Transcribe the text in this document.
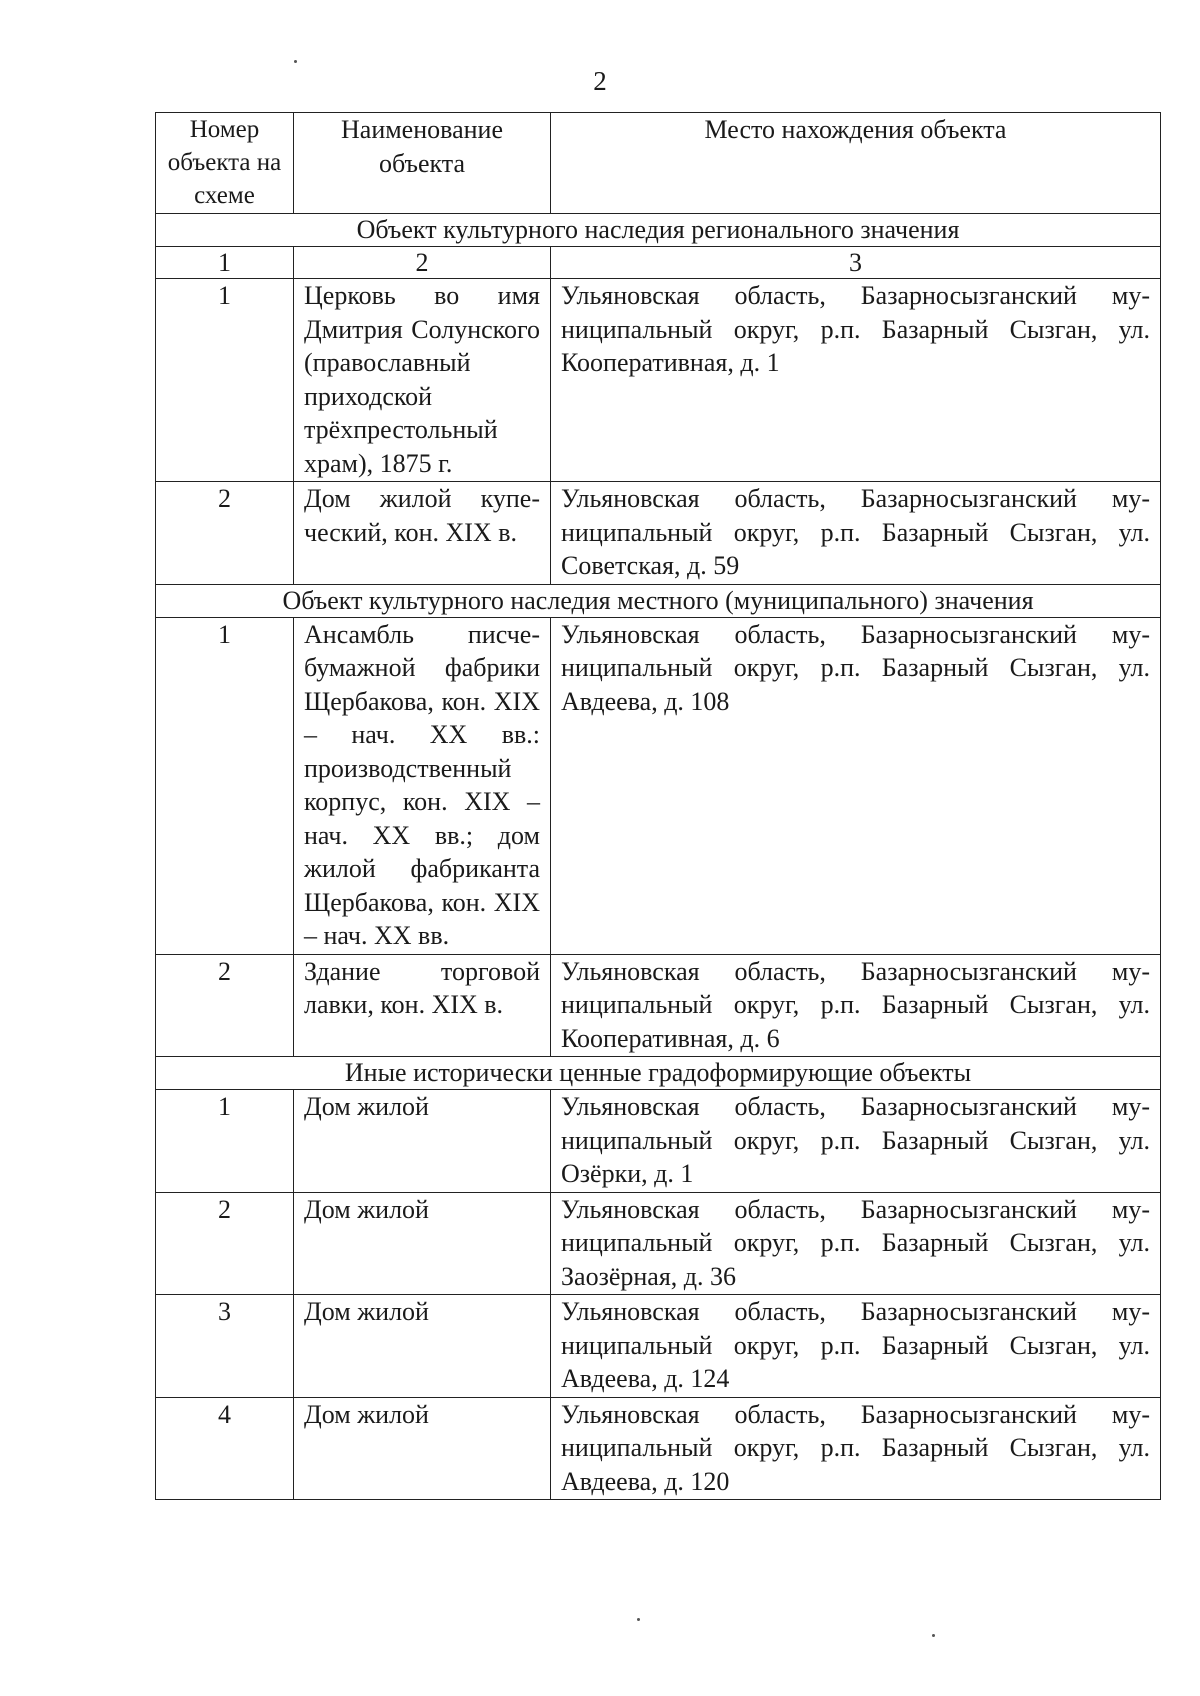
2
Номер объекта на схеме	Наименование объекта	Место нахождения объекта
Объект культурного наследия регионального значения		
1	2	3
1	Церковь во имя Дмитрия Солунского (православный приходской трёхпрестольный храм), 1875 г.	Ульяновская область, Базарносызганский муниципальный округ, р.п. Базарный Сызган, ул. Кооперативная, д. 1
2	Дом жилой купеческий, кон. XIX в.	Ульяновская область, Базарносызганский муниципальный округ, р.п. Базарный Сызган, ул. Советская, д. 59
Объект культурного наследия местного (муниципального) значения		
1	Ансамбль писчебумажной фабрики Щербакова, кон. XIX – нач. XX вв.: производственный корпус, кон. XIX – нач. XX вв.; дом жилой фабриканта Щербакова, кон. XIX – нач. XX вв.	Ульяновская область, Базарносызганский муниципальный округ, р.п. Базарный Сызган, ул. Авдеева, д. 108
2	Здание торговой лавки, кон. XIX в.	Ульяновская область, Базарносызганский муниципальный округ, р.п. Базарный Сызган, ул. Кооперативная, д. 6
Иные исторически ценные градоформирующие объекты		
1	Дом жилой	Ульяновская область, Базарносызганский муниципальный округ, р.п. Базарный Сызган, ул. Озёрки, д. 1
2	Дом жилой	Ульяновская область, Базарносызганский муниципальный округ, р.п. Базарный Сызган, ул. Заозёрная, д. 36
3	Дом жилой	Ульяновская область, Базарносызганский муниципальный округ, р.п. Базарный Сызган, ул. Авдеева, д. 124
4	Дом жилой	Ульяновская область, Базарносызганский муниципальный округ, р.п. Базарный Сызган, ул. Авдеева, д. 120
